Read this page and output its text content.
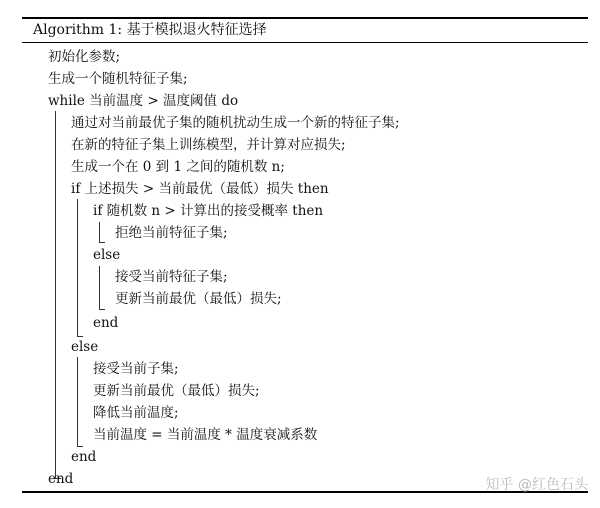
Algorithm 1: 基于模拟退火特征选择
初始化参数;
生成一个随机特征子集;
while 当前温度 > 温度阈值 do
通过对当前最优子集的随机扰动生成一个新的特征子集;
在新的特征子集上训练模型，并计算对应损失;
生成一个在 0 到 1 之间的随机数 n;
if 上述损失 > 当前最优（最低）损失 then
if 随机数 n > 计算出的接受概率 then
拒绝当前特征子集;
else
接受当前特征子集;
更新当前最优（最低）损失;
end
else
接受当前子集;
更新当前最优（最低）损失;
降低当前温度;
当前温度 = 当前温度 * 温度衰减系数
end
end	知乎 @红色石头
